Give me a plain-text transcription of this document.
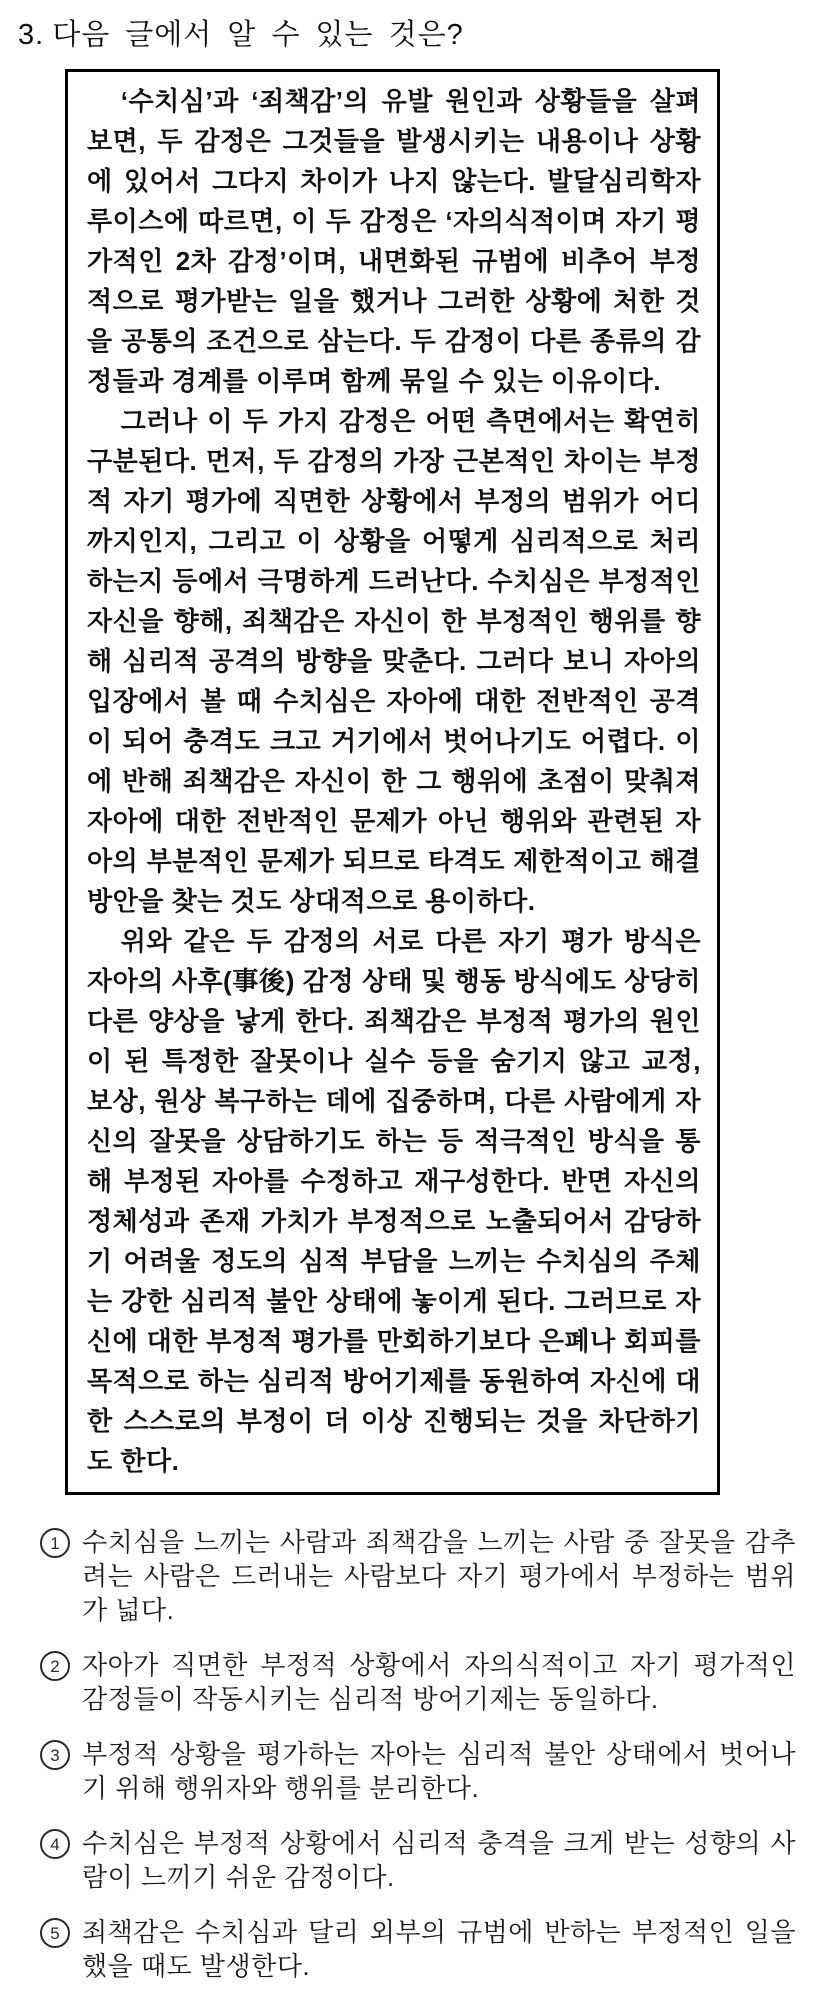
3. 다음 글에서 알 수 있는 것은?

‘수치심’과 ‘죄책감’의 유발 원인과 상황들을 살펴보면, 두 감정은 그것들을 발생시키는 내용이나 상황에 있어서 그다지 차이가 나지 않는다. 발달심리학자 루이스에 따르면, 이 두 감정은 ‘자의식적이며 자기 평가적인 2차 감정’이며, 내면화된 규범에 비추어 부정적으로 평가받는 일을 했거나 그러한 상황에 처한 것을 공통의 조건으로 삼는다. 두 감정이 다른 종류의 감정들과 경계를 이루며 함께 묶일 수 있는 이유이다.

그러나 이 두 가지 감정은 어떤 측면에서는 확연히 구분된다. 먼저, 두 감정의 가장 근본적인 차이는 부정적 자기 평가에 직면한 상황에서 부정의 범위가 어디까지인지, 그리고 이 상황을 어떻게 심리적으로 처리하는지 등에서 극명하게 드러난다. 수치심은 부정적인 자신을 향해, 죄책감은 자신이 한 부정적인 행위를 향해 심리적 공격의 방향을 맞춘다. 그러다 보니 자아의 입장에서 볼 때 수치심은 자아에 대한 전반적인 공격이 되어 충격도 크고 거기에서 벗어나기도 어렵다. 이에 반해 죄책감은 자신이 한 그 행위에 초점이 맞춰져 자아에 대한 전반적인 문제가 아닌 행위와 관련된 자아의 부분적인 문제가 되므로 타격도 제한적이고 해결 방안을 찾는 것도 상대적으로 용이하다.

위와 같은 두 감정의 서로 다른 자기 평가 방식은 자아의 사후(事後) 감정 상태 및 행동 방식에도 상당히 다른 양상을 낳게 한다. 죄책감은 부정적 평가의 원인이 된 특정한 잘못이나 실수 등을 숨기지 않고 교정, 보상, 원상 복구하는 데에 집중하며, 다른 사람에게 자신의 잘못을 상담하기도 하는 등 적극적인 방식을 통해 부정된 자아를 수정하고 재구성한다. 반면 자신의 정체성과 존재 가치가 부정적으로 노출되어서 감당하기 어려울 정도의 심적 부담을 느끼는 수치심의 주체는 강한 심리적 불안 상태에 놓이게 된다. 그러므로 자신에 대한 부정적 평가를 만회하기보다 은폐나 회피를 목적으로 하는 심리적 방어기제를 동원하여 자신에 대한 스스로의 부정이 더 이상 진행되는 것을 차단하기도 한다.

1 수치심을 느끼는 사람과 죄책감을 느끼는 사람 중 잘못을 감추려는 사람은 드러내는 사람보다 자기 평가에서 부정하는 범위가 넓다.
2 자아가 직면한 부정적 상황에서 자의식적이고 자기 평가적인 감정들이 작동시키는 심리적 방어기제는 동일하다.
3 부정적 상황을 평가하는 자아는 심리적 불안 상태에서 벗어나기 위해 행위자와 행위를 분리한다.
4 수치심은 부정적 상황에서 심리적 충격을 크게 받는 성향의 사람이 느끼기 쉬운 감정이다.
5 죄책감은 수치심과 달리 외부의 규범에 반하는 부정적인 일을 했을 때도 발생한다.
